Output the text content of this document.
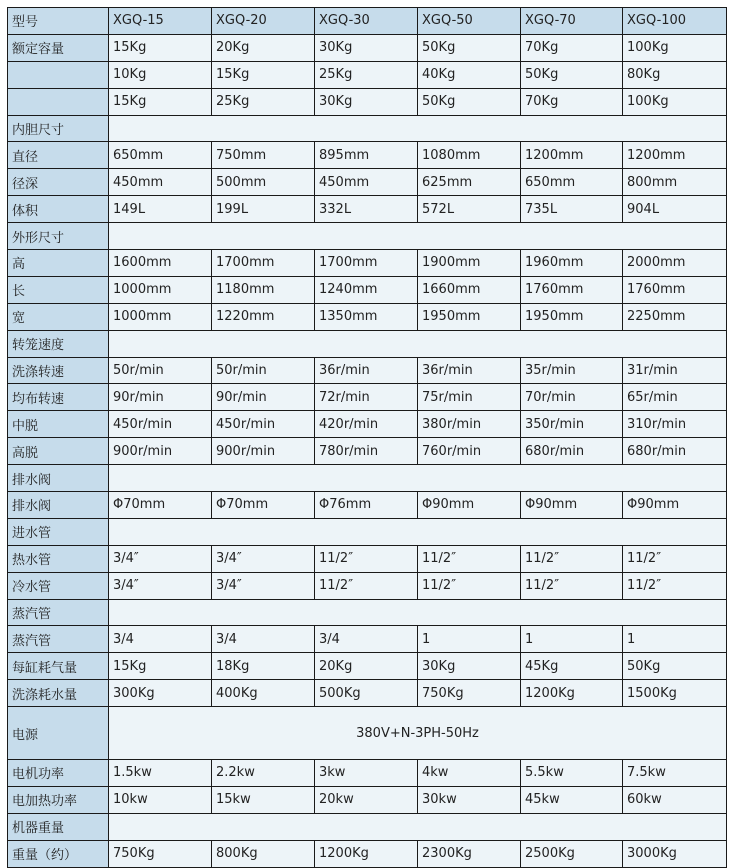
型号	XGQ-15	XGQ-20	XGQ-30	XGQ-50	XGQ-70	XGQ-100
额定容量	15Kg	20Kg	30Kg	50Kg	70Kg	100Kg
	10Kg	15Kg	25Kg	40Kg	50Kg	80Kg
	15Kg	25Kg	30Kg	50Kg	70Kg	100Kg
内胆尺寸						
直径	650mm	750mm	895mm	1080mm	1200mm	1200mm
径深	450mm	500mm	450mm	625mm	650mm	800mm
体积	149L	199L	332L	572L	735L	904L
外形尺寸						
高	1600mm	1700mm	1700mm	1900mm	1960mm	2000mm
长	1000mm	1180mm	1240mm	1660mm	1760mm	1760mm
宽	1000mm	1220mm	1350mm	1950mm	1950mm	2250mm
转笼速度						
洗涤转速	50r/min	50r/min	36r/min	36r/min	35r/min	31r/min
均布转速	90r/min	90r/min	72r/min	75r/min	70r/min	65r/min
中脱	450r/min	450r/min	420r/min	380r/min	350r/min	310r/min
高脱	900r/min	900r/min	780r/min	760r/min	680r/min	680r/min
排水阀						
排水阀	Φ70mm	Φ70mm	Φ76mm	Φ90mm	Φ90mm	Φ90mm
进水管						
热水管	3/4″	3/4″	11/2″	11/2″	11/2″	11/2″
冷水管	3/4″	3/4″	11/2″	11/2″	11/2″	11/2″
蒸汽管						
蒸汽管	3/4	3/4	3/4	1	1	1
每缸耗气量	15Kg	18Kg	20Kg	30Kg	45Kg	50Kg
洗涤耗水量	300Kg	400Kg	500Kg	750Kg	1200Kg	1500Kg
电源	380V+N-3PH-50Hz					
电机功率	1.5kw	2.2kw	3kw	4kw	5.5kw	7.5kw
电加热功率	10kw	15kw	20kw	30kw	45kw	60kw
机器重量						
重量（约）	750Kg	800Kg	1200Kg	2300Kg	2500Kg	3000Kg
